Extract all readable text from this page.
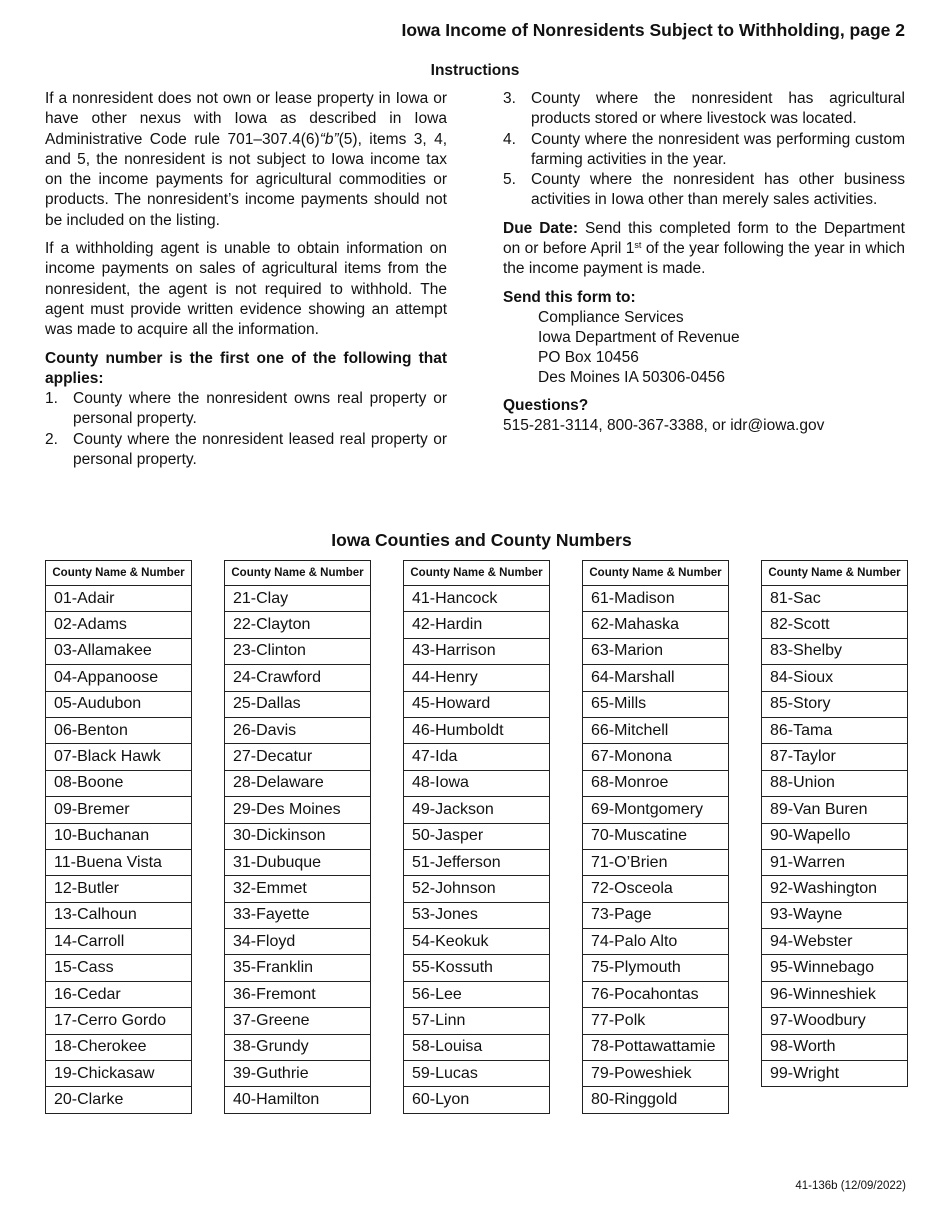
Iowa Income of Nonresidents Subject to Withholding, page 2
Instructions

If a nonresident does not own or lease property in Iowa or have other nexus with Iowa as described in Iowa Administrative Code rule 701–307.4(6)“b”(5), items 3, 4, and 5, the nonresident is not subject to Iowa income tax on the income payments for agricultural commodities or products. The nonresident’s income payments should not be included on the listing.

If a withholding agent is unable to obtain information on income payments on sales of agricultural items from the nonresident, the agent is not required to withhold. The agent must provide written evidence showing an attempt was made to acquire all the information.

County number is the first one of the following that applies:

1. County where the nonresident owns real property or personal property.
2. County where the nonresident leased real property or personal property.
3. County where the nonresident has agricultural products stored or where livestock was located.
4. County where the nonresident was performing custom farming activities in the year.
5. County where the nonresident has other business activities in Iowa other than merely sales activities.

Due Date: Send this completed form to the Department on or before April 1st of the year following the year in which the income payment is made.

Send this form to:

Compliance Services
Iowa Department of Revenue
PO Box 10456
Des Moines IA 50306-0456

Questions?

515-281-3114, 800-367-3388, or idr@iowa.gov
Iowa Counties and County Numbers
County Name & Number
01-Adair
02-Adams
03-Allamakee
04-Appanoose
05-Audubon
06-Benton
07-Black Hawk
08-Boone
09-Bremer
10-Buchanan
11-Buena Vista
12-Butler
13-Calhoun
14-Carroll
15-Cass
16-Cedar
17-Cerro Gordo
18-Cherokee
19-Chickasaw
20-Clarke
County Name & Number
21-Clay
22-Clayton
23-Clinton
24-Crawford
25-Dallas
26-Davis
27-Decatur
28-Delaware
29-Des Moines
30-Dickinson
31-Dubuque
32-Emmet
33-Fayette
34-Floyd
35-Franklin
36-Fremont
37-Greene
38-Grundy
39-Guthrie
40-Hamilton
County Name & Number
41-Hancock
42-Hardin
43-Harrison
44-Henry
45-Howard
46-Humboldt
47-Ida
48-Iowa
49-Jackson
50-Jasper
51-Jefferson
52-Johnson
53-Jones
54-Keokuk
55-Kossuth
56-Lee
57-Linn
58-Louisa
59-Lucas
60-Lyon
County Name & Number
61-Madison
62-Mahaska
63-Marion
64-Marshall
65-Mills
66-Mitchell
67-Monona
68-Monroe
69-Montgomery
70-Muscatine
71-O’Brien
72-Osceola
73-Page
74-Palo Alto
75-Plymouth
76-Pocahontas
77-Polk
78-Pottawattamie
79-Poweshiek
80-Ringgold
County Name & Number
81-Sac
82-Scott
83-Shelby
84-Sioux
85-Story
86-Tama
87-Taylor
88-Union
89-Van Buren
90-Wapello
91-Warren
92-Washington
93-Wayne
94-Webster
95-Winnebago
96-Winneshiek
97-Woodbury
98-Worth
99-Wright
41-136b (12/09/2022)
